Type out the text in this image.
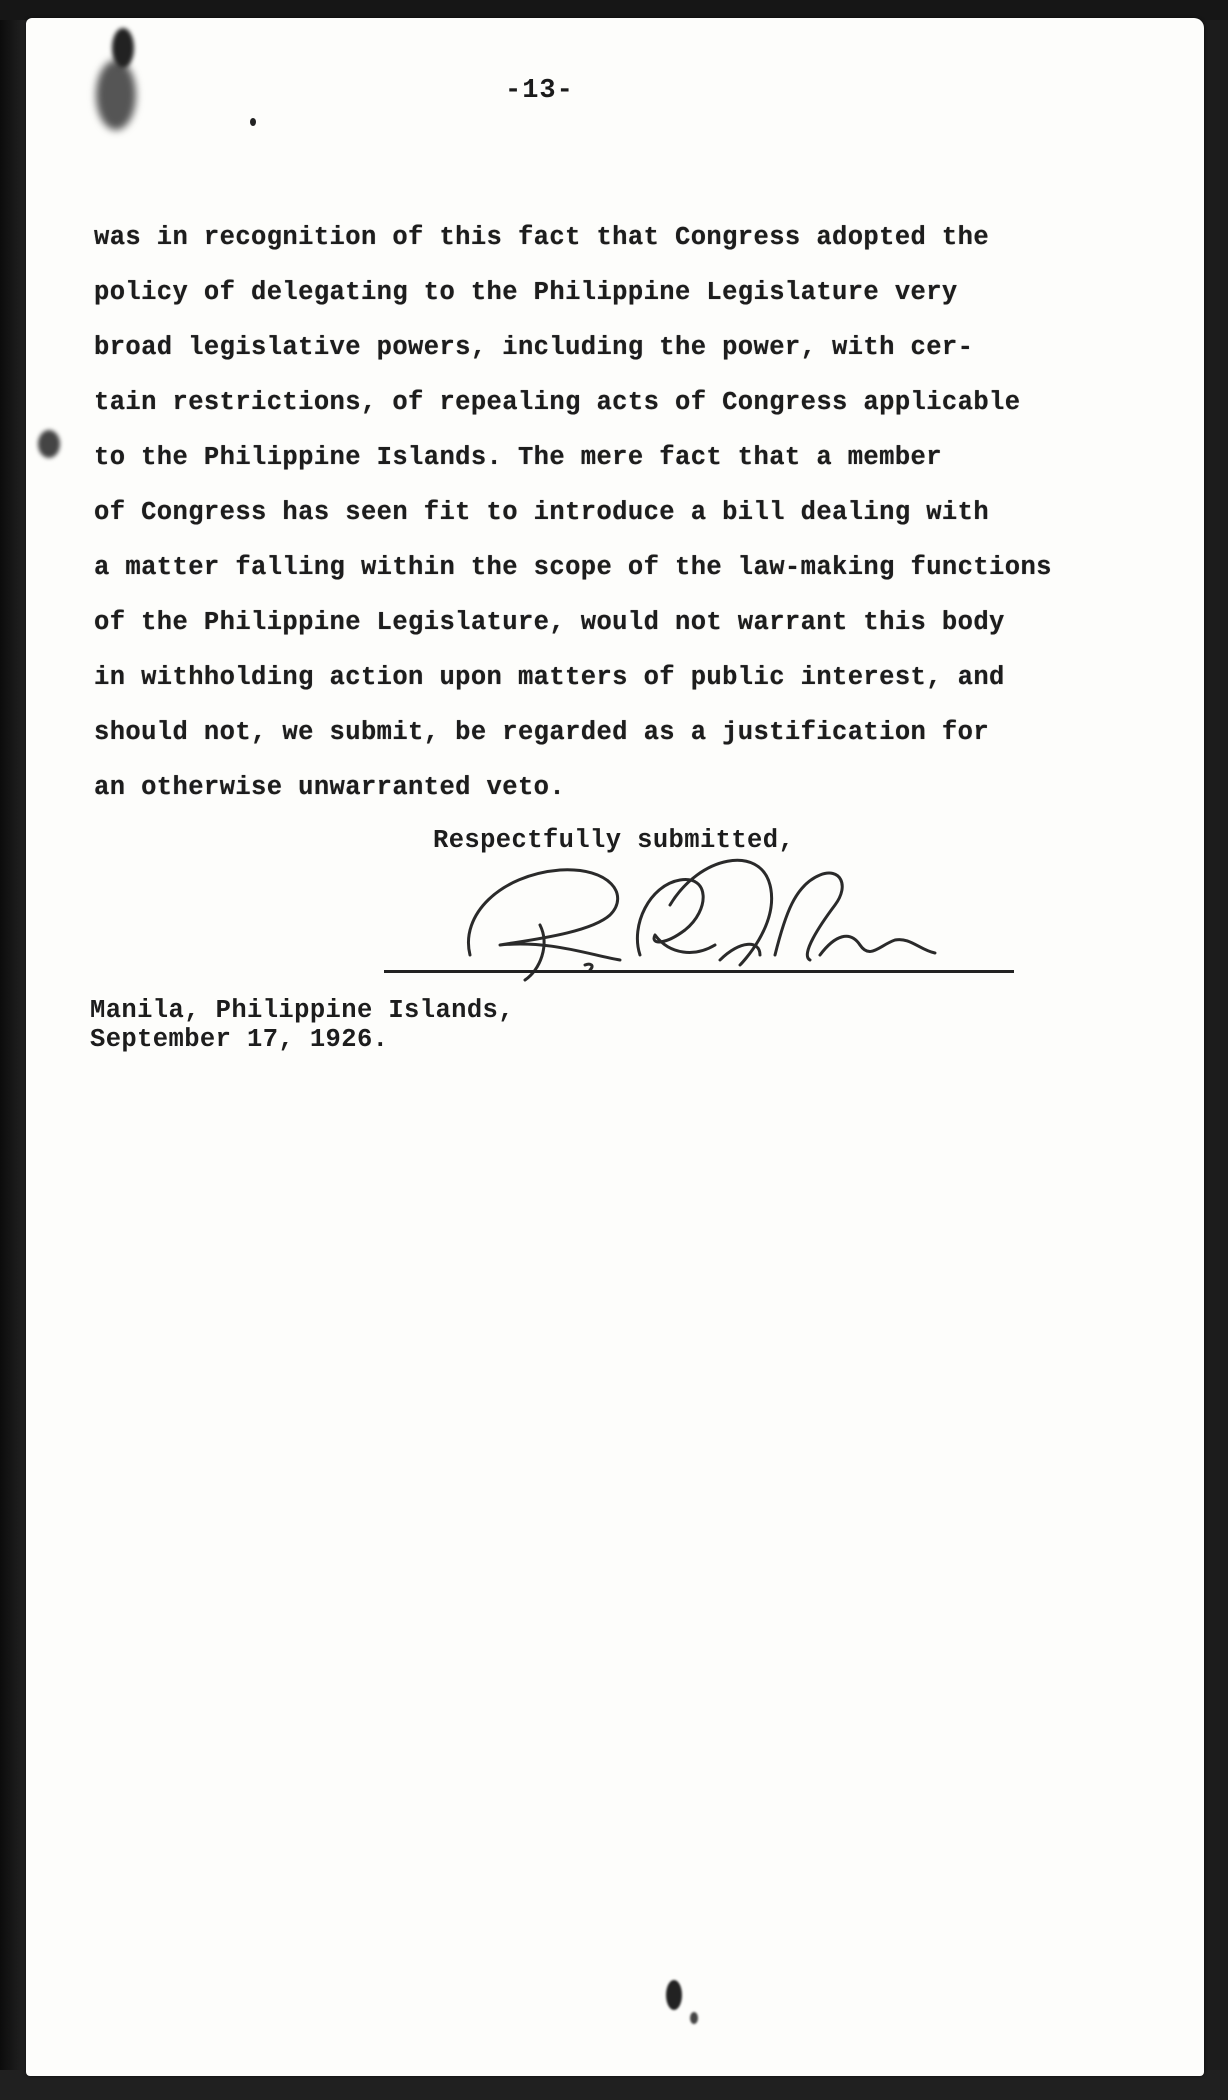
-13-
was in recognition of this fact that Congress adopted the
policy of delegating to the Philippine Legislature very
broad legislative powers, including the power, with cer-
tain restrictions, of repealing acts of Congress applicable
to the Philippine Islands. The mere fact that a member
of Congress has seen fit to introduce a bill dealing with
a matter falling within the scope of the law-making functions
of the Philippine Legislature, would not warrant this body
in withholding action upon matters of public interest, and
should not, we submit, be regarded as a justification for
an otherwise unwarranted veto.
Respectfully submitted,
Manila, Philippine Islands,
September 17, 1926.
